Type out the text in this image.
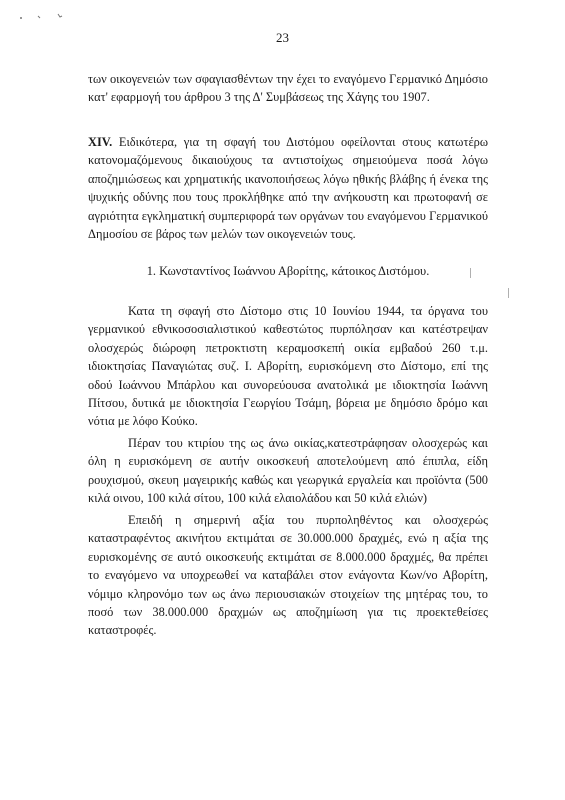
23

των οικογενειών των σφαγιασθέντων την έχει το εναγόμενο Γερμανικό Δημόσιο κατ' εφαρμογή του άρθρου 3 της Δ' Συμβάσεως της Χάγης του 1907.

XIV. Ειδικότερα, για τη σφαγή του Διστόμου οφείλονται στους κατωτέρω κατονομαζόμενους δικαιούχους τα αντιστοίχως σημειούμενα ποσά λόγω αποζημιώσεως και χρηματικής ικανοποιήσεως λόγω ηθικής βλάβης ή ένεκα της ψυχικής οδύνης που τους προκλήθηκε από την ανήκουστη και πρωτοφανή σε αγριότητα εγκληματική συμπεριφορά των οργάνων του εναγόμενου Γερμανικού Δημοσίου σε βάρος των μελών των οικογενειών τους.

1. Κωνσταντίνος Ιωάννου Αβορίτης, κάτοικος Διστόμου.

Κατα τη σφαγή στο Δίστομο στις 10 Ιουνίου 1944, τα όργανα του γερμανικού εθνικοσοσιαλιστικού καθεστώτος πυρπόλησαν και κατέστρεψαν ολοσχερώς διώροφη πετροκτιστη κεραμοσκεπή οικία εμβαδού 260 τ.μ. ιδιοκτησίας Παναγιώτας συζ. Ι. Αβορίτη, ευρισκόμενη στο Δίστομο, επί της οδού Ιωάννου Μπάρλου και συνορεύουσα ανατολικά με ιδιοκτησία Ιωάννη Πίτσου, δυτικά με ιδιοκτησία Γεωργίου Τσάμη, βόρεια με δημόσιο δρόμο και νότια με λόφο Κούκο.

Πέραν του κτιρίου της ως άνω οικίας,κατεστράφησαν ολοσχερώς και όλη η ευρισκόμενη σε αυτήν οικοσκευή αποτελούμενη από έπιπλα, είδη ρουχισμού, σκευη μαγειρικής καθώς και γεωργικά εργαλεία και προϊόντα (500 κιλά οινου, 100 κιλά σίτου, 100 κιλά ελαιολάδου και 50 κιλά ελιών)

Επειδή η σημερινή αξία του πυρποληθέντος και ολοσχερώς καταστραφέντος ακινήτου εκτιμάται σε 30.000.000 δραχμές, ενώ η αξία της ευρισκομένης σε αυτό οικοσκευής εκτιμάται σε 8.000.000 δραχμές, θα πρέπει το εναγόμενο να υποχρεωθεί να καταβάλει στον ενάγοντα Κων/νο Αβορίτη, νόμιμο κληρονόμο των ως άνω περιουσιακών στοιχείων της μητέρας του, το ποσό των 38.000.000 δραχμών ως αποζημίωση για τις προεκτεθείσες καταστροφές.
